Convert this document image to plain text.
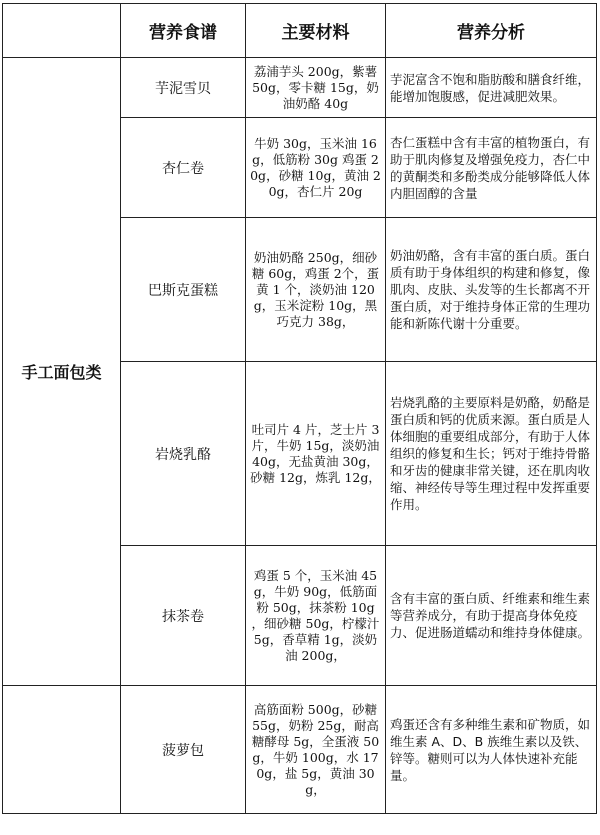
	营养食谱	主要材料	营养分析
手工面包类	芋泥雪贝	荔浦芋头 200g，紫薯 50g，零卡糖 15g，奶油奶酪 40g	芋泥富含不饱和脂肪酸和膳食纤维，能增加饱腹感，促进减肥效果。
	杏仁卷	牛奶 30g，玉米油 16g，低筋粉 30g 鸡蛋 20g，砂糖 10g，黄油 20g，杏仁片 20g	杏仁蛋糕中含有丰富的植物蛋白，有助于肌肉修复及增强免疫力，杏仁中的黄酮类和多酚类成分能够降低人体内胆固醇的含量
	巴斯克蛋糕	奶油奶酪 250g，细砂糖 60g，鸡蛋 2个，蛋黄 1 个，淡奶油 120g，玉米淀粉 10g，黑巧克力 38g，	奶油奶酪，含有丰富的蛋白质。蛋白质有助于身体组织的构建和修复，像肌肉、皮肤、头发等的生长都离不开蛋白质，对于维持身体正常的生理功能和新陈代谢十分重要。
	岩烧乳酪	吐司片 4 片，芝士片 3 片，牛奶 15g，淡奶油 40g，无盐黄油 30g，砂糖 12g，炼乳 12g，	岩烧乳酪的主要原料是奶酪，奶酪是蛋白质和钙的优质来源。蛋白质是人体细胞的重要组成部分，有助于人体组织的修复和生长；钙对于维持骨骼和牙齿的健康非常关键，还在肌肉收缩、神经传导等生理过程中发挥重要作用。
	抹茶卷	鸡蛋 5 个，玉米油 45g，牛奶 90g，低筋面粉 50g，抹茶粉 10g ，细砂糖 50g，柠檬汁 5g，香草精 1g，淡奶油 200g，	含有丰富的蛋白质、纤维素和维生素等营养成分，有助于提高身体免疫力、促进肠道蠕动和维持身体健康。
	菠萝包	高筋面粉 500g，砂糖 55g，奶粉 25g，耐高糖酵母 5g，全蛋液 50g，牛奶 100g，水 170g，盐 5g，黄油 30g，	鸡蛋还含有多种维生素和矿物质，如维生素 A、D、B 族维生素以及铁、锌等。糖则可以为人体快速补充能量。
